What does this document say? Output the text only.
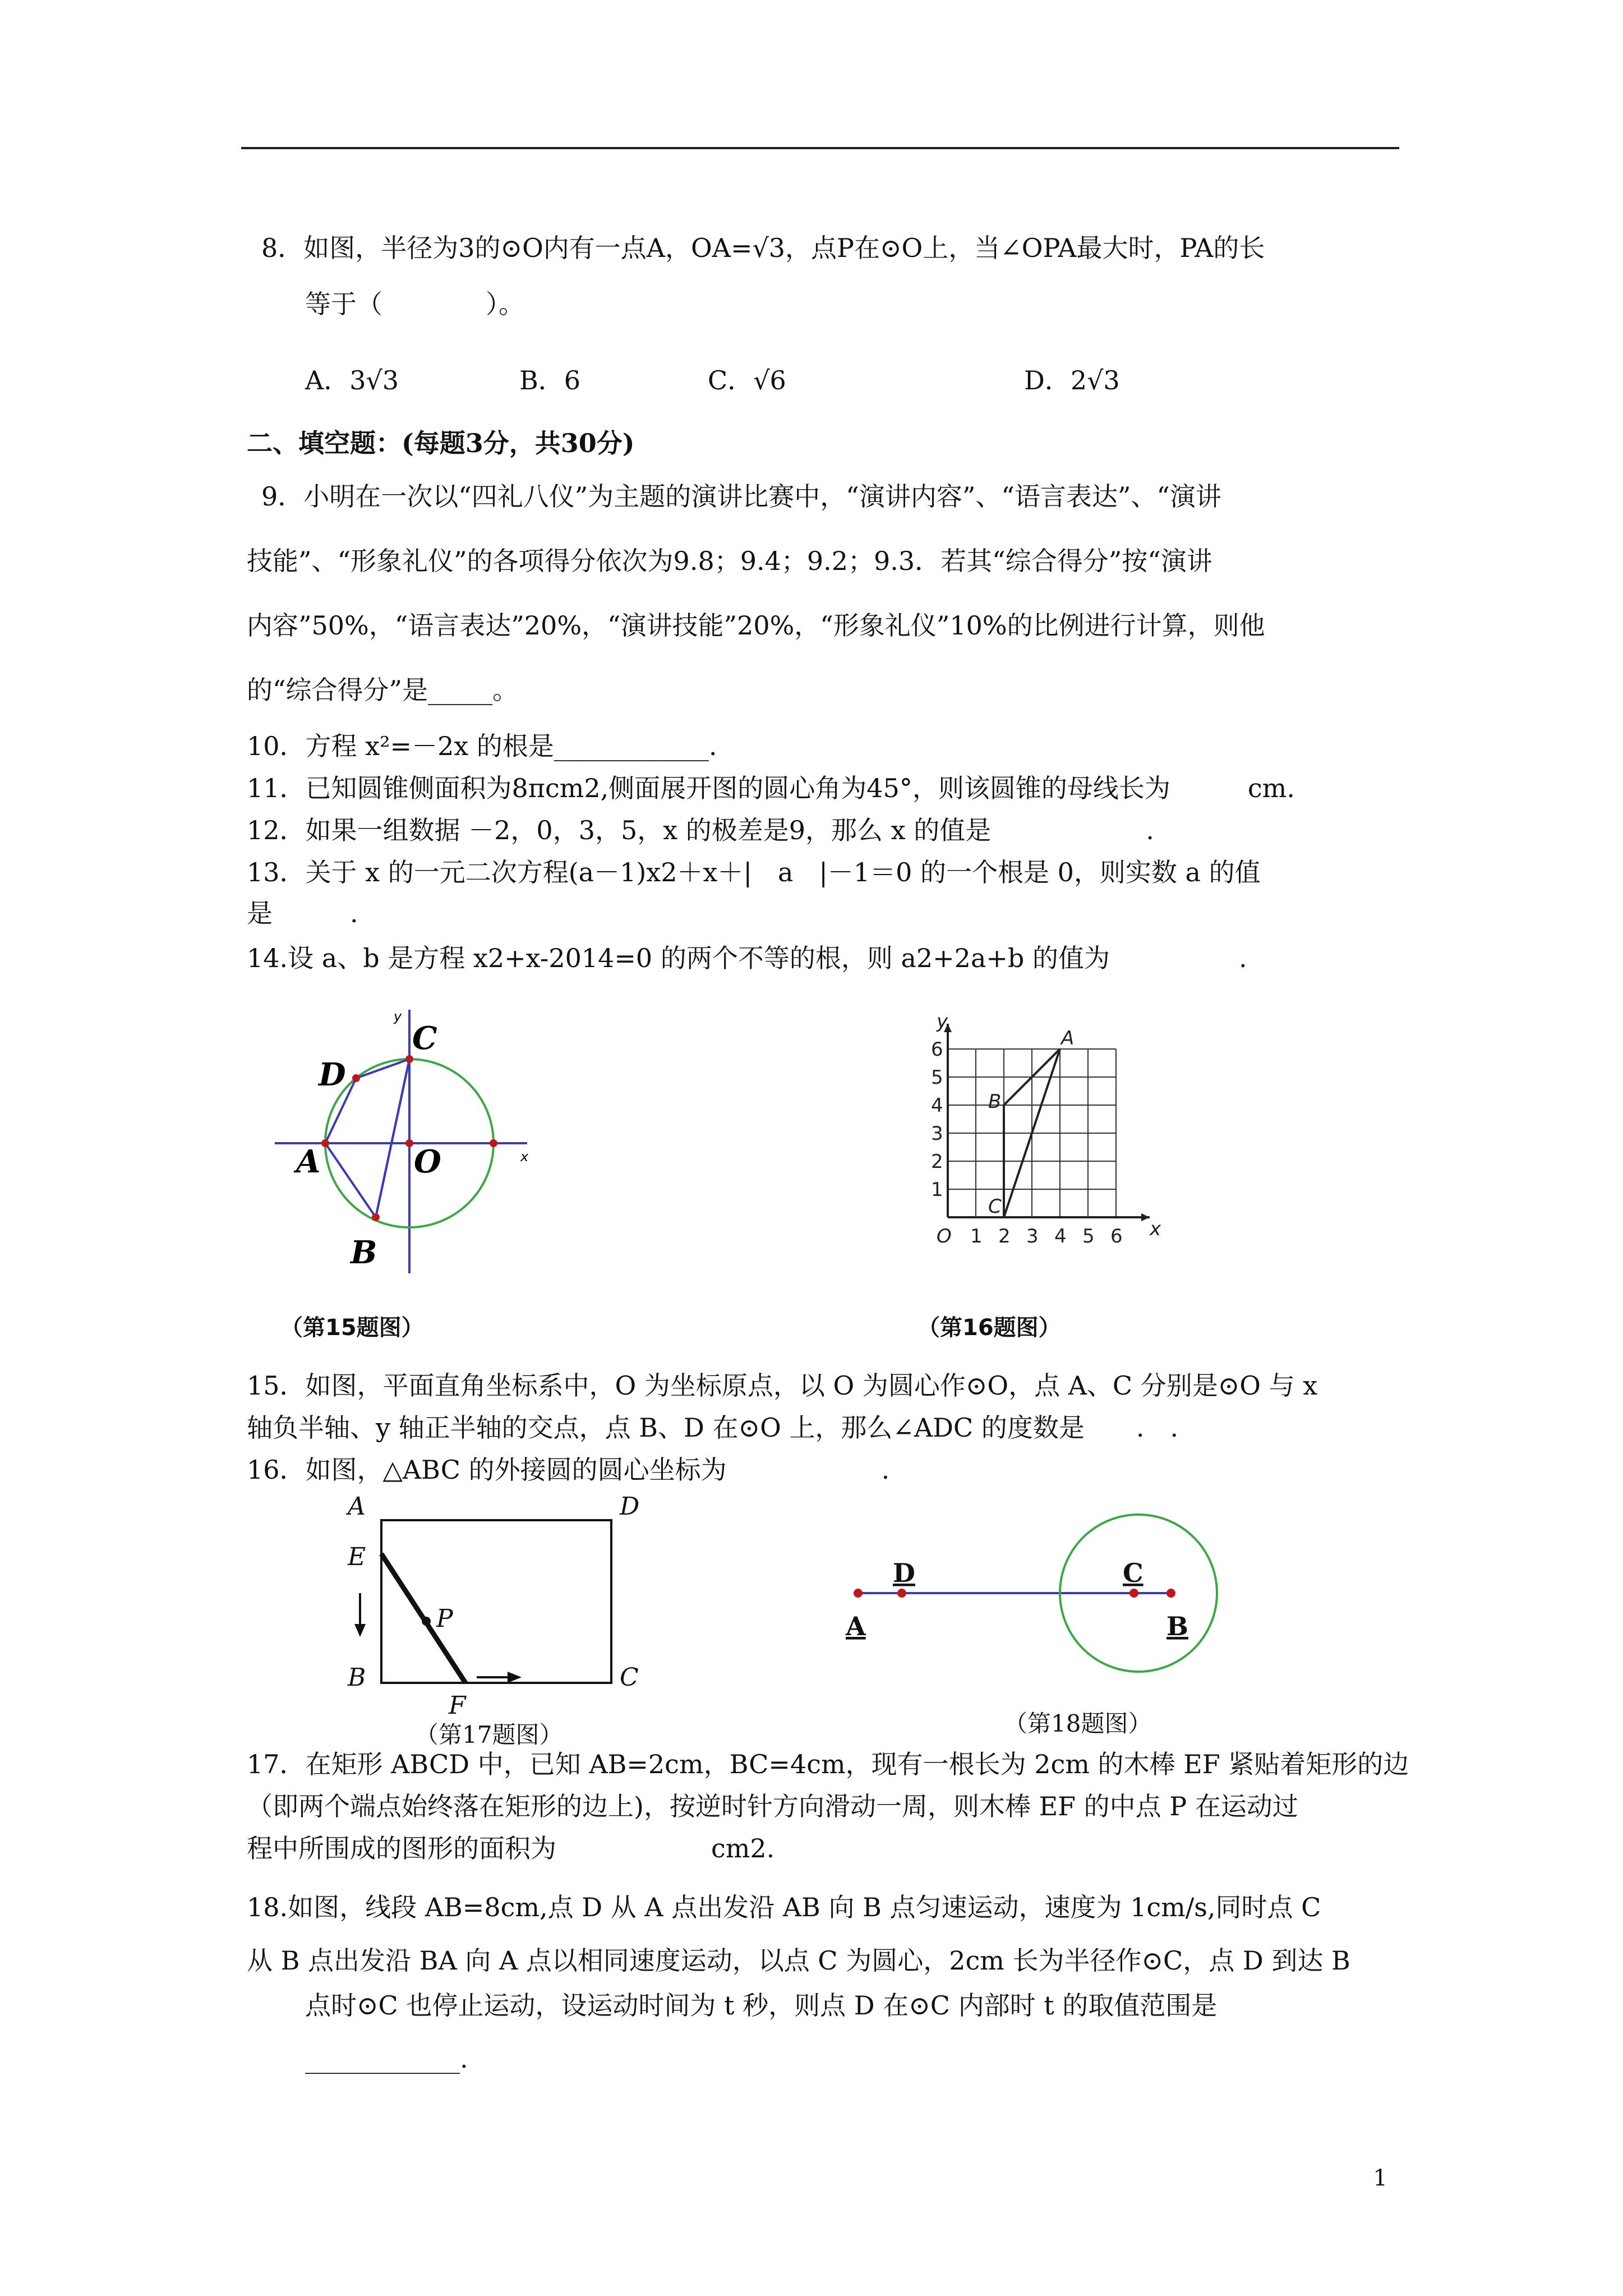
8．如图，半径为3的⊙O内有一点A，OA=√3，点P在⊙O上，当∠OPA最大时，PA的长
等于（　　　　）。
A．3√3	B．6	C．√6	D．2√3
二、填空题：(每题3分，共30分)
9．小明在一次以“四礼八仪”为主题的演讲比赛中，“演讲内容”、“语言表达”、“演讲
技能”、“形象礼仪”的各项得分依次为9.8；9.4；9.2；9.3．若其“综合得分”按“演讲
内容”50%，“语言表达”20%，“演讲技能”20%，“形象礼仪”10%的比例进行计算，则他
的“综合得分”是_____。
10．方程 x²=－2x 的根是____________.
11．已知圆锥侧面积为8πcm2,侧面展开图的圆心角为45°，则该圆锥的母线长为　　　cm.
12．如果一组数据 －2，0，3，5，x 的极差是9，那么 x 的值是　　　　　　.
13．关于 x 的一元二次方程(a－1)x2＋x＋|　a　|－1＝0 的一个根是 0，则实数 a 的值
是　　　.
14.设 a、b 是方程 x2+x-2014=0 的两个不等的根，则 a2+2a+b 的值为　　　　　.
D
C
A	O
B
x
y
（第15题图）
O 1 2 3 4 5 6
1
2
3
4
5
6
x
y
A
B
C
（第16题图）
15．如图，平面直角坐标系中，O 为坐标原点，以 O 为圆心作⊙O，点 A、C 分别是⊙O 与 x
轴负半轴、y 轴正半轴的交点，点 B、D 在⊙O 上，那么∠ADC 的度数是　　.　.
16．如图，△ABC 的外接圆的圆心坐标为　　　　　　.
A	D
E
P
B
F
C
（第17题图）
D	C
A	B
（第18题图）
17．在矩形 ABCD 中，已知 AB=2cm，BC=4cm，现有一根长为 2cm 的木棒 EF 紧贴着矩形的边
（即两个端点始终落在矩形的边上)，按逆时针方向滑动一周，则木棒 EF 的中点 P 在运动过
程中所围成的图形的面积为　　　　　　cm2.
18.如图，线段 AB=8cm,点 D 从 A 点出发沿 AB 向 B 点匀速运动，速度为 1cm/s,同时点 C
从 B 点出发沿 BA 向 A 点以相同速度运动，以点 C 为圆心，2cm 长为半径作⊙C，点 D 到达 B
点时⊙C 也停止运动，设运动时间为 t 秒，则点 D 在⊙C 内部时 t 的取值范围是
____________.
1
